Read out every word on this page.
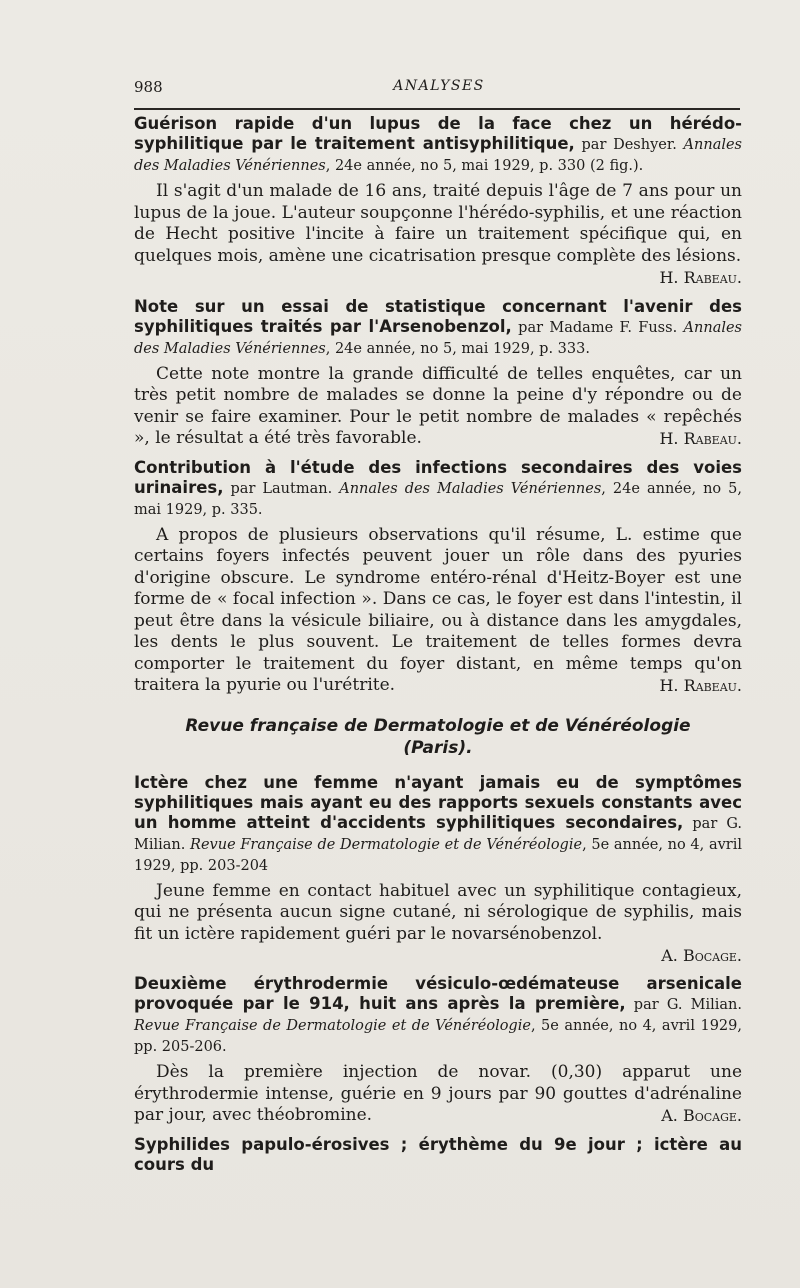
988	ANALYSES

Guérison rapide d'un lupus de la face chez un hérédo-syphilitique par le traitement antisyphilitique, par Deshyer. Annales des Maladies Vénériennes, 24e année, no 5, mai 1929, p. 330 (2 fig.).

Il s'agit d'un malade de 16 ans, traité depuis l'âge de 7 ans pour un lupus de la joue. L'auteur soupçonne l'hérédo-syphilis, et une réaction de Hecht positive l'incite à faire un traitement spécifique qui, en quelques mois, amène une cicatrisation presque complète des lésions.
H. Rabeau.

Note sur un essai de statistique concernant l'avenir des syphilitiques traités par l'Arsenobenzol, par Madame F. Fuss. Annales des Maladies Vénériennes, 24e année, no 5, mai 1929, p. 333.

Cette note montre la grande difficulté de telles enquêtes, car un très petit nombre de malades se donne la peine d'y répondre ou de venir se faire examiner. Pour le petit nombre de malades « repêchés », le résultat a été très favorable.	H. Rabeau.

Contribution à l'étude des infections secondaires des voies urinaires, par Lautman. Annales des Maladies Vénériennes, 24e année, no 5, mai 1929, p. 335.

A propos de plusieurs observations qu'il résume, L. estime que certains foyers infectés peuvent jouer un rôle dans des pyuries d'origine obscure. Le syndrome entéro-rénal d'Heitz-Boyer est une forme de « focal infection ». Dans ce cas, le foyer est dans l'intestin, il peut être dans la vésicule biliaire, ou à distance dans les amygdales, les dents le plus souvent. Le traitement de telles formes devra comporter le traitement du foyer distant, en même temps qu'on traitera la pyurie ou l'urétrite.	H. Rabeau.

Revue française de Dermatologie et de Vénéréologie
(Paris).

Ictère chez une femme n'ayant jamais eu de symptômes syphilitiques mais ayant eu des rapports sexuels constants avec un homme atteint d'accidents syphilitiques secondaires, par G. Milian. Revue Française de Dermatologie et de Vénéréologie, 5e année, no 4, avril 1929, pp. 203-204

Jeune femme en contact habituel avec un syphilitique contagieux, qui ne présenta aucun signe cutané, ni sérologique de syphilis, mais fit un ictère rapidement guéri par le novarsénobenzol.

A. Bocage.

Deuxième érythrodermie vésiculo-œdémateuse arsenicale provoquée par le 914, huit ans après la première, par G. Milian. Revue Française de Dermatologie et de Vénéréologie, 5e année, no 4, avril 1929, pp. 205-206.

Dès la première injection de novar. (0,30) apparut une érythrodermie intense, guérie en 9 jours par 90 gouttes d'adrénaline par jour, avec théobromine.	A. Bocage.

Syphilides papulo-érosives ; érythème du 9e jour ; ictère au cours du
